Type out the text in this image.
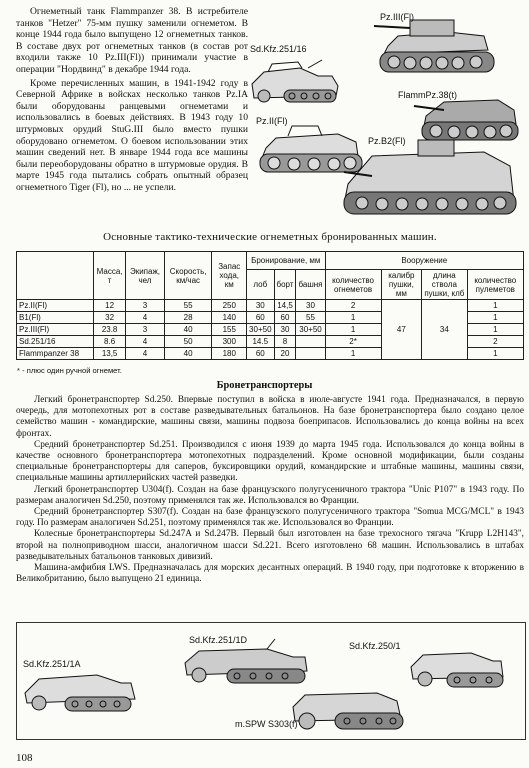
Огнеметный танк Flammpanzer 38. В истребителе танков "Hetzer" 75-мм пушку заменили огнеметом. В конце 1944 года было выпущено 12 огнеметных танков. В составе двух рот огнеметных танков (в состав рот входили также 10 Pz.III(Fl)) принимали участие в операции "Нордвинд" в декабре 1944 года.

Кроме перечисленных машин, в 1941-1942 году в Северной Африке в войсках несколько танков Pz.IA были оборудованы ранцевыми огнеметами и использовались в боевых действиях. В 1943 году 10 штурмовых орудий StuG.III было вместо пушки оборудовано огнеметом. О боевом использовании этих машин сведений нет. В январе 1944 года все машины были переоборудованы обратно в штурмовые орудия. В марте 1945 года пытались собрать опытный образец огнеметного Tiger (Fl), но ... не успели.

Sd.Kfz.251/16
Pz.III(Fl)
FlammPz.38(t)
Pz.II(Fl)
Pz.B2(Fl)
Основные тактико-технические огнеметных бронированных машин.
	Масса, т	Экипаж, чел	Скорость, км/час	Запас хода, км	Бронирование, мм			Вооружение			
					лоб	борт	башня	количество огнеметов	калибр пушки, мм	длина ствола пушки, клб	количество пулеметов
Pz.II(Fl)	12	3	55	250	30	14,5	30	2	47	34	1
B1(Fl)	32	4	28	140	60	60	55	1			1
Pz.III(Fl)	23.8	3	40	155	30+50	30	30+50	1			1
Sd.251/16	8.6	4	50	300	14.5	8		2*			2
Flammpanzer 38	13,5	4	40	180	60	20		1			1
* - плюс один ручной огнемет.
Бронетранспортеры

Легкий бронетранспортер Sd.250. Впервые поступил в войска в июле-августе 1941 года. Предназначался, в первую очередь, для мотопехотных рот в составе разведывательных батальонов. На базе бронетранспортера было создано целое семейство машин - командирские, машины связи, машины подвоза боеприпасов. Использовались до конца войны на всех фронтах.

Средний бронетранспортер Sd.251. Производился с июня 1939 до марта 1945 года. Использовался до конца войны в качестве основного бронетранспортера мотопехотных подразделений. Кроме основной модификации, были созданы специальные бронетранспортеры для саперов, буксировщики орудий, командирские и штабные машины, машины связи, специальные машины артиллерийских частей разведки.

Легкий бронетранспортер U304(f). Создан на базе французского полугусеничного трактора "Unic P107" в 1943 году. По размерам аналогичен Sd.250, поэтому применялся так же. Использовался во Франции.

Средний бронетранспортер S307(f). Создан на базе французского полугусеничного трактора "Somua MCG/MCL" в 1943 году. По размерам аналогичен Sd.251, поэтому применялся так же. Использовался во Франции.

Колесные бронетранспортеры Sd.247A и Sd.247B. Первый был изготовлен на базе трехосного тягача "Krupp L2H143", второй на полноприводном шасси, аналогичном шасси Sd.221. Всего изготовлено 68 машин. Использовались в штабах разведывательных батальонов танковых дивизий.

Машина-амфибия LWS. Предназначалась для морских десантных операций. В 1940 году, при подготовке к вторжению в Великобританию, было выпущено 21 единица.

Sd.Kfz.251/1D
Sd.Kfz.250/1
Sd.Kfz.251/1A
m.SPW S303(f)
108
